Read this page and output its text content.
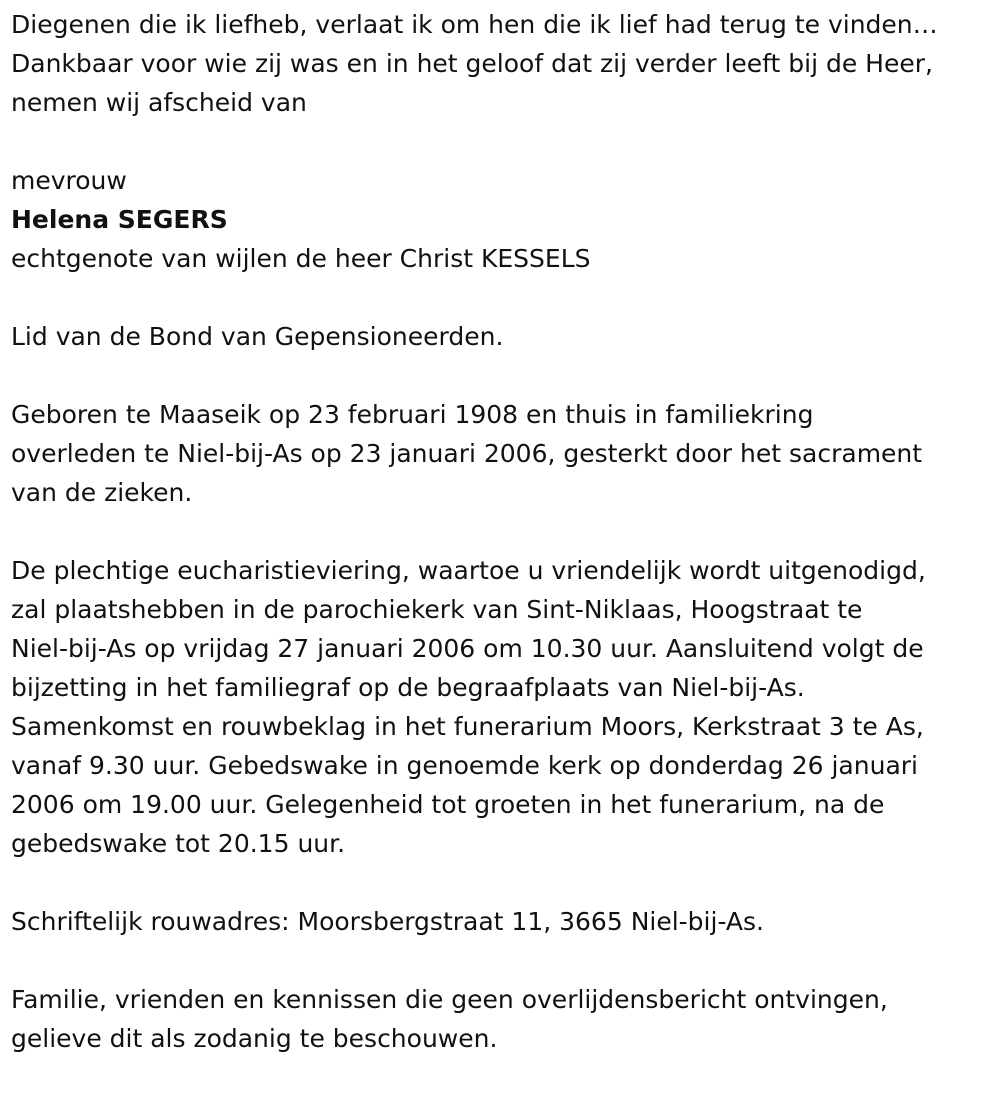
Diegenen die ik liefheb, verlaat ik om hen die ik lief had terug te vinden…

Dankbaar voor wie zij was en in het geloof dat zij verder leeft bij de Heer,

nemen wij afscheid van

mevrouw

Helena SEGERS

echtgenote van wijlen de heer Christ KESSELS

Lid van de Bond van Gepensioneerden.

Geboren te Maaseik op 23 februari 1908 en thuis in familiekring

overleden te Niel-bij-As op 23 januari 2006, gesterkt door het sacrament

van de zieken.

De plechtige eucharistieviering, waartoe u vriendelijk wordt uitgenodigd,

zal plaatshebben in de parochiekerk van Sint-Niklaas, Hoogstraat te

Niel-bij-As op vrijdag 27 januari 2006 om 10.30 uur. Aansluitend volgt de

bijzetting in het familiegraf op de begraafplaats van Niel-bij-As.

Samenkomst en rouwbeklag in het funerarium Moors, Kerkstraat 3 te As,

vanaf 9.30 uur. Gebedswake in genoemde kerk op donderdag 26 januari

2006 om 19.00 uur. Gelegenheid tot groeten in het funerarium, na de

gebedswake tot 20.15 uur.

Schriftelijk rouwadres: Moorsbergstraat 11, 3665 Niel-bij-As.

Familie, vrienden en kennissen die geen overlijdensbericht ontvingen,

gelieve dit als zodanig te beschouwen.
